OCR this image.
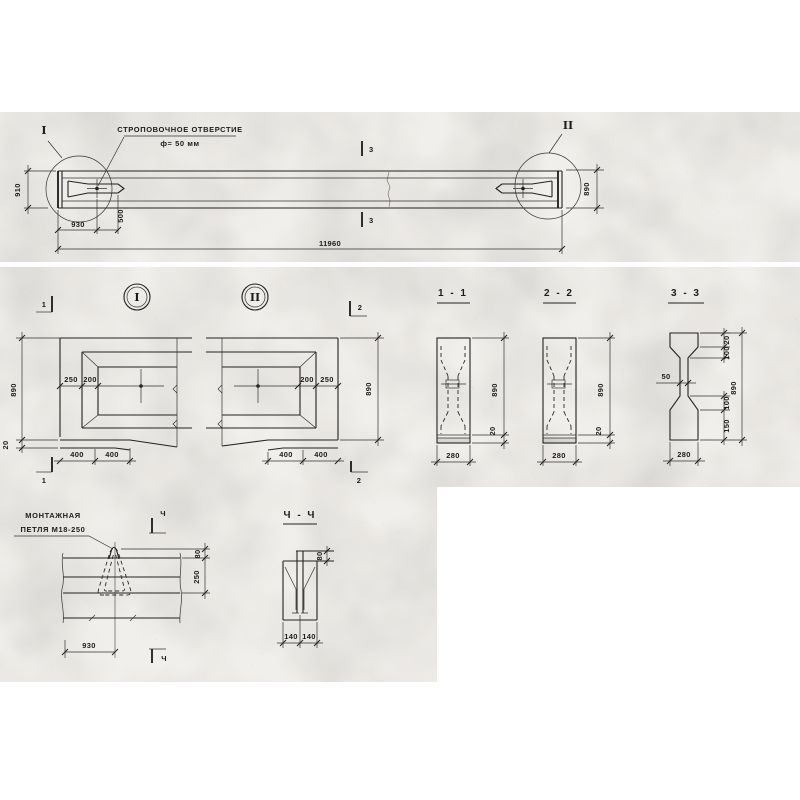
I	II
СТРОПОВОЧНОЕ ОТВЕРСТИЕ
ф= 50 мм
3
3
910	890
930
500
11960
I
250 200
400	400
890
20
1
1
II
200 250
400	400
890
2
2
1 - 1
890
20
280
2 - 2
890
20
280
3 - 3
50
20
100
100
150
890
280
МОНТАЖНАЯ
ПЕТЛЯ М18-250
80
250
930
Ч
Ч
Ч - Ч
80
140 140
